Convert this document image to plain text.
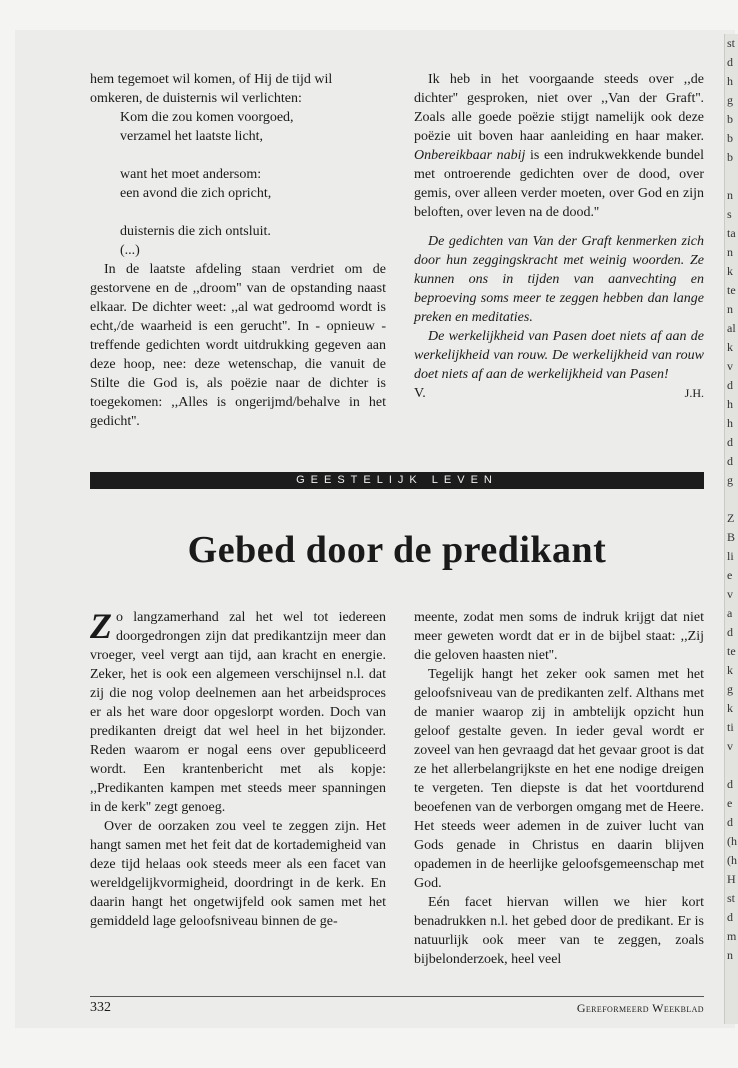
st
d
h
g
b
b
b

n
s
ta
n
k
te
n
al
k
v
d
h
h
d
d
g

Z
B
li
e
v
a
d
te
k
g
k
ti
v

d
e
d
(h
(h
H
st
d
m
n
hem tegemoet wil komen, of Hij de tijd wil
omkeren, de duisternis wil verlichten:
Kom die zou komen voorgoed,
verzamel het laatste licht,
want het moet andersom:
een avond die zich opricht,
duisternis die zich ontsluit.
(...)

In de laatste afdeling staan verdriet om de gestorvene en de ,,droom'' van de opstanding naast elkaar. De dichter weet: ,,al wat gedroomd wordt is echt,/de waarheid is een gerucht''. In - opnieuw - treffende gedichten wordt uitdrukking gegeven aan deze hoop, nee: deze wetenschap, die vanuit de Stilte die God is, als poëzie naar de dichter is toegekomen: ,,Alles is ongerijmd/behalve in het gedicht''.

Ik heb in het voorgaande steeds over ,,de dichter'' gesproken, niet over ,,Van der Graft''. Zoals alle goede poëzie stijgt namelijk ook deze poëzie uit boven haar aanleiding en haar maker. Onbereikbaar nabij is een indrukwekkende bundel met ontroerende gedichten over de dood, over gemis, over alleen verder moeten, over God en zijn beloften, over leven na de dood.''

De gedichten van Van der Graft kenmerken zich door hun zeggingskracht met weinig woorden. Ze kunnen ons in tijden van aanvechting en beproeving soms meer te zeggen hebben dan lange preken en meditaties.

De werkelijkheid van Pasen doet niets af aan de werkelijkheid van rouw. De werkelijkheid van rouw doet niets af aan de werkelijkheid van Pasen!

V.	J.H.
GEESTELIJK LEVEN
Gebed door de predikant

Zo langzamerhand zal het wel tot iedereen doorgedrongen zijn dat predikantzijn meer dan vroeger, veel vergt aan tijd, aan kracht en energie. Zeker, het is ook een algemeen verschijnsel n.l. dat zij die nog volop deelnemen aan het arbeidsproces er als het ware door opgeslorpt worden. Doch van predikanten dreigt dat wel heel in het bijzonder. Reden waarom er nogal eens over gepubliceerd wordt. Een krantenbericht met als kopje: ,,Predikanten kampen met steeds meer spanningen in de kerk'' zegt genoeg.

Over de oorzaken zou veel te zeggen zijn. Het hangt samen met het feit dat de kortademigheid van deze tijd helaas ook steeds meer als een facet van wereldgelijkvormigheid, doordringt in de kerk. En daarin hangt het ongetwijfeld ook samen met het gemiddeld lage geloofsniveau binnen de ge-

meente, zodat men soms de indruk krijgt dat niet meer geweten wordt dat er in de bijbel staat: ,,Zij die geloven haasten niet''.

Tegelijk hangt het zeker ook samen met het geloofsniveau van de predikanten zelf. Althans met de manier waarop zij in ambtelijk opzicht hun geloof gestalte geven. In ieder geval wordt er zoveel van hen gevraagd dat het gevaar groot is dat ze het allerbelangrijkste en het ene nodige dreigen te vergeten. Ten diepste is dat het voortdurend beoefenen van de verborgen omgang met de Heere. Het steeds weer ademen in de zuiver lucht van Gods genade in Christus en daarin blijven opademen in de heerlijke geloofsgemeenschap met God.

Eén facet hiervan willen we hier kort benadrukken n.l. het gebed door de predikant. Er is natuurlijk ook meer van te zeggen, zoals bijbelonderzoek, heel veel

332	Gereformeerd Weekblad
